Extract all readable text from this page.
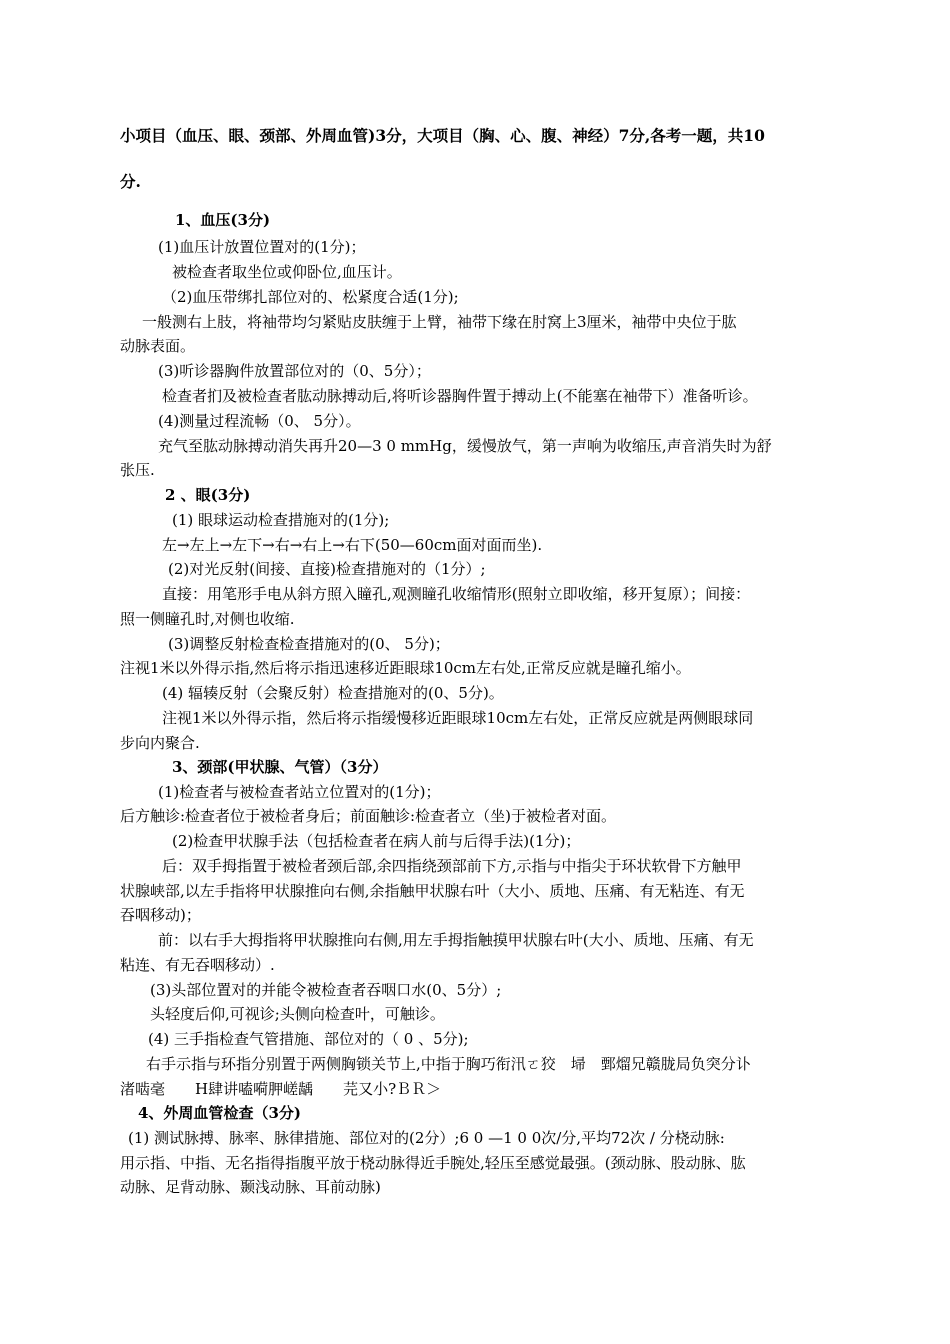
小项目（血压、眼、颈部、外周血管)3分，大项目（胸、心、腹、神经）7分,各考一题，共10
分.
1、血压(3分)
(1)血压计放置位置对的(1分)；
被检查者取坐位或仰卧位,血压计。
（2)血压带绑扎部位对的、松紧度合适(1分);
一般测右上肢，将袖带均匀紧贴皮肤缠于上臂，袖带下缘在肘窝上3厘米，袖带中央位于肱
动脉表面。
(3)听诊器胸件放置部位对的（0、5分）；
检查者扪及被检查者肱动脉搏动后,将听诊器胸件置于搏动上(不能塞在袖带下）准备听诊。
(4)测量过程流畅（0、 5分）。
充气至肱动脉搏动消失再升20—3 0 mmHg，缓慢放气，第一声响为收缩压,声音消失时为舒
张压.
2 、眼(3分)
(1) 眼球运动检查措施对的(1分);
左→左上→左下→右→右上→右下(50—60cm面对面而坐).
(2)对光反射(间接、直接)检查措施对的（1分）;
直接：用笔形手电从斜方照入瞳孔,观测瞳孔收缩情形(照射立即收缩，移开复原）；间接：
照一侧瞳孔时,对侧也收缩.
(3)调整反射检查检查措施对的(0、 5分)；
注视1米以外得示指,然后将示指迅速移近距眼球10cm左右处,正常反应就是瞳孔缩小。
(4) 辐辏反射（会聚反射）检查措施对的(0、5分)。
注视1米以外得示指，然后将示指缓慢移近距眼球10cm左右处，正常反应就是两侧眼球同
步向内聚合.
3、颈部(甲状腺、气管）（3分）
(1)检查者与被检查者站立位置对的(1分)；
后方触诊:检查者位于被检者身后；前面触诊:检查者立（坐)于被检者对面。
(2)检查甲状腺手法（包括检查者在病人前与后得手法)(1分)；
后：双手拇指置于被检者颈后部,余四指绕颈部前下方,示指与中指尖于环状软骨下方触甲
状腺峡部,以左手指将甲状腺推向右侧,余指触甲状腺右叶（大小、质地、压痛、有无粘连、有无
吞咽移动)；
前：以右手大拇指将甲状腺推向右侧,用左手拇指触摸甲状腺右叶(大小、质地、压痛、有无
粘连、有无吞咽移动）.
(3)头部位置对的并能令被检查者吞咽口水(0、5分）;
头轻度后仰,可视诊;头侧向检查叶，可触诊。
(4) 三手指检查气管措施、部位对的（ 0 、5分);
右手示指与环指分别置于两侧胸锁关节上,中指于胸巧衔汛ㄛ狡　埽　鄄熘兄赣胧局负突分讣
渚啮毫　　H肆讲嗑嗬胛嵯龋　　芫又小?ＢＲ＞
4、外周血管检查（3分)
(1) 测试脉搏、脉率、脉律措施、部位对的(2分）;6 0 —1 0 0次/分,平均72次 / 分桡动脉:
用示指、中指、无名指得指腹平放于桡动脉得近手腕处,轻压至感觉最强。(颈动脉、股动脉、肱
动脉、足背动脉、颞浅动脉、耳前动脉)
